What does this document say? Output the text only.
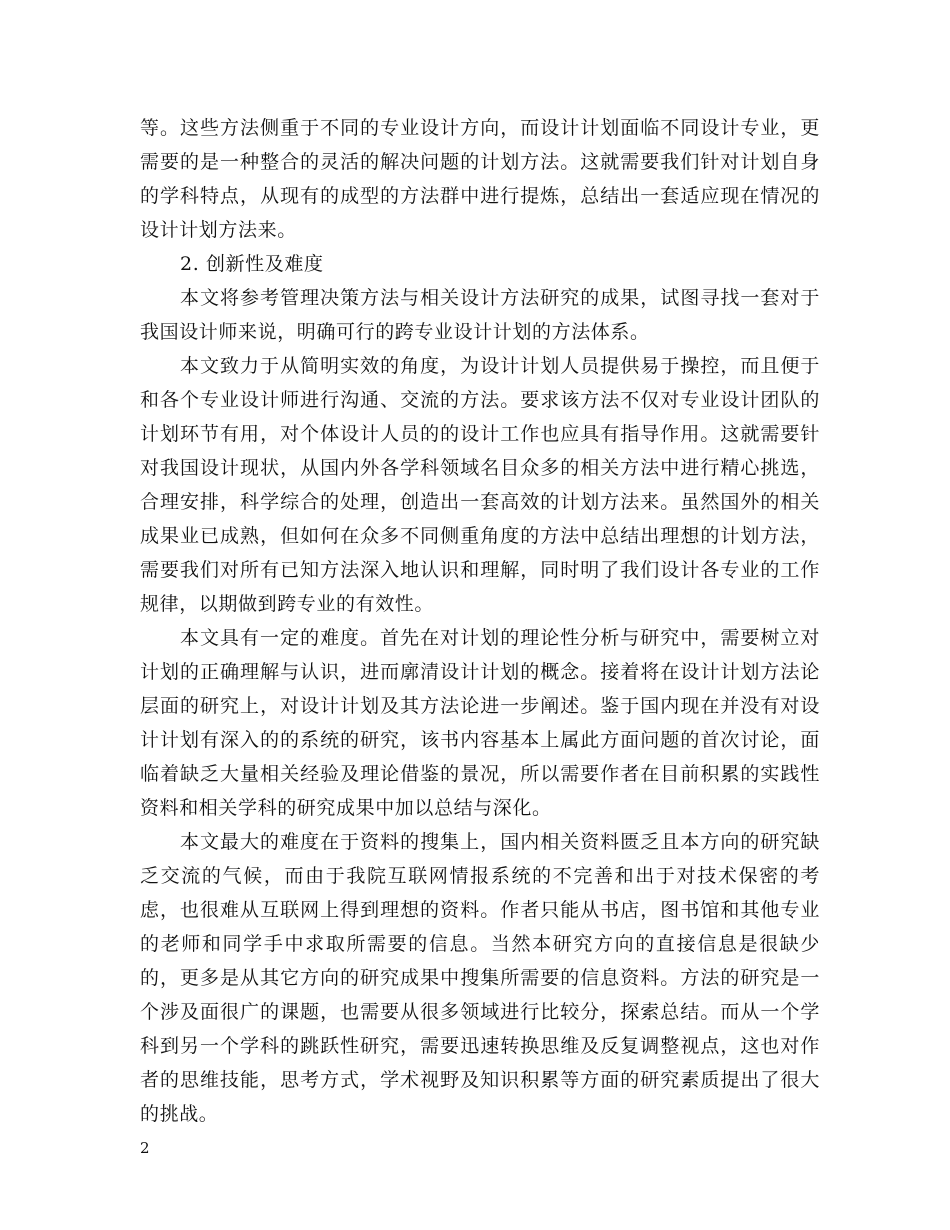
等。这些方法侧重于不同的专业设计方向，而设计计划面临不同设计专业，更需要的是一种整合的灵活的解决问题的计划方法。这就需要我们针对计划自身的学科特点，从现有的成型的方法群中进行提炼，总结出一套适应现在情况的设计计划方法来。

2. 创新性及难度

本文将参考管理决策方法与相关设计方法研究的成果，试图寻找一套对于我国设计师来说，明确可行的跨专业设计计划的方法体系。

本文致力于从简明实效的角度，为设计计划人员提供易于操控，而且便于和各个专业设计师进行沟通、交流的方法。要求该方法不仅对专业设计团队的计划环节有用，对个体设计人员的的设计工作也应具有指导作用。这就需要针对我国设计现状，从国内外各学科领域名目众多的相关方法中进行精心挑选，合理安排，科学综合的处理，创造出一套高效的计划方法来。虽然国外的相关成果业已成熟，但如何在众多不同侧重角度的方法中总结出理想的计划方法，需要我们对所有已知方法深入地认识和理解，同时明了我们设计各专业的工作规律，以期做到跨专业的有效性。

本文具有一定的难度。首先在对计划的理论性分析与研究中，需要树立对计划的正确理解与认识，进而廓清设计计划的概念。接着将在设计计划方法论层面的研究上，对设计计划及其方法论进一步阐述。鉴于国内现在并没有对设计计划有深入的的系统的研究，该书内容基本上属此方面问题的首次讨论，面临着缺乏大量相关经验及理论借鉴的景况，所以需要作者在目前积累的实践性资料和相关学科的研究成果中加以总结与深化。

本文最大的难度在于资料的搜集上，国内相关资料匮乏且本方向的研究缺乏交流的气候，而由于我院互联网情报系统的不完善和出于对技术保密的考虑，也很难从互联网上得到理想的资料。作者只能从书店，图书馆和其他专业的老师和同学手中求取所需要的信息。当然本研究方向的直接信息是很缺少的，更多是从其它方向的研究成果中搜集所需要的信息资料。方法的研究是一个涉及面很广的课题，也需要从很多领域进行比较分，探索总结。而从一个学科到另一个学科的跳跃性研究，需要迅速转换思维及反复调整视点，这也对作者的思维技能，思考方式，学术视野及知识积累等方面的研究素质提出了很大的挑战。

2
